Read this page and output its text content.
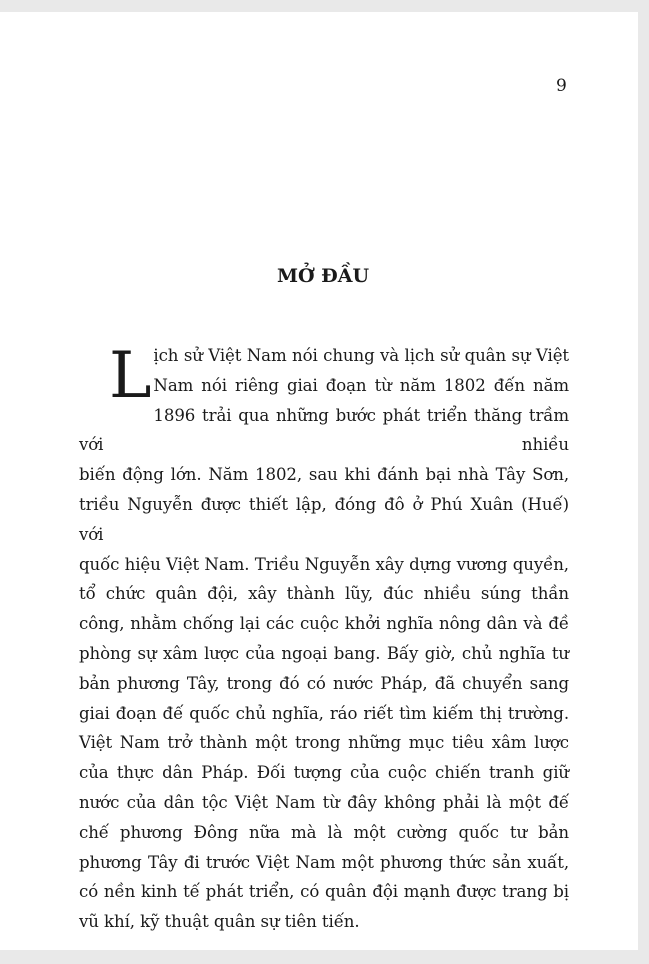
9
MỞ ĐẦU
L ịch sử Việt Nam nói chung và lịch sử quân sự Việt
Nam nói riêng giai đoạn từ năm 1802 đến năm
1896 trải qua những bước phát triển thăng trầm với nhiều
biến động lớn. Năm 1802, sau khi đánh bại nhà Tây Sơn,
triều Nguyễn được thiết lập, đóng đô ở Phú Xuân (Huế) với
quốc hiệu Việt Nam. Triều Nguyễn xây dựng vương quyền,
tổ chức quân đội, xây thành lũy, đúc nhiều súng thần
công, nhằm chống lại các cuộc khởi nghĩa nông dân và đề
phòng sự xâm lược của ngoại bang. Bấy giờ, chủ nghĩa tư
bản phương Tây, trong đó có nước Pháp, đã chuyển sang
giai đoạn đế quốc chủ nghĩa, ráo riết tìm kiếm thị trường.
Việt Nam trở thành một trong những mục tiêu xâm lược
của thực dân Pháp. Đối tượng của cuộc chiến tranh giữ
nước của dân tộc Việt Nam từ đây không phải là một đế
chế phương Đông nữa mà là một cường quốc tư bản
phương Tây đi trước Việt Nam một phương thức sản xuất,
có nền kinh tế phát triển, có quân đội mạnh được trang bị
vũ khí, kỹ thuật quân sự tiên tiến.
